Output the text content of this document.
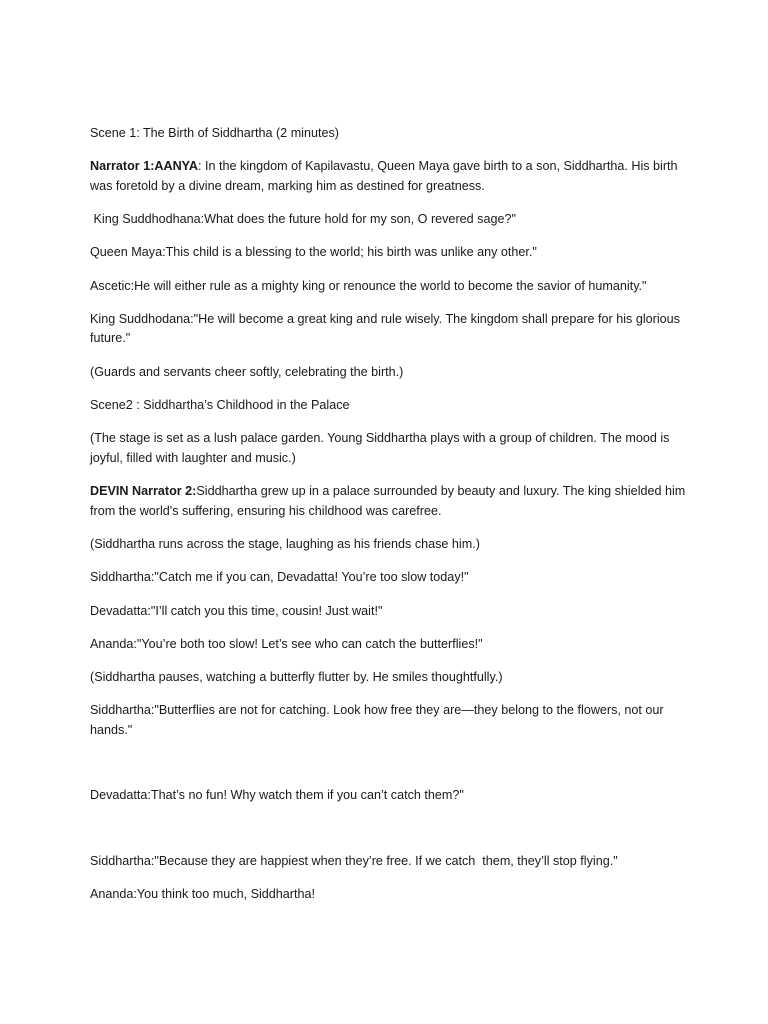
Scene 1: The Birth of Siddhartha (2 minutes)

Narrator 1:AANYA: In the kingdom of Kapilavastu, Queen Maya gave birth to a son, Siddhartha. His birth was foretold by a divine dream, marking him as destined for greatness.

King Suddhodhana:What does the future hold for my son, O revered sage?"

Queen Maya:This child is a blessing to the world; his birth was unlike any other."

Ascetic:He will either rule as a mighty king or renounce the world to become the savior of humanity."

King Suddhodana:"He will become a great king and rule wisely. The kingdom shall prepare for his glorious future."

(Guards and servants cheer softly, celebrating the birth.)

Scene2 : Siddhartha’s Childhood in the Palace

(The stage is set as a lush palace garden. Young Siddhartha plays with a group of children. The mood is joyful, filled with laughter and music.)

DEVIN Narrator 2:Siddhartha grew up in a palace surrounded by beauty and luxury. The king shielded him from the world's suffering, ensuring his childhood was carefree.

(Siddhartha runs across the stage, laughing as his friends chase him.)

Siddhartha:"Catch me if you can, Devadatta! You’re too slow today!"

Devadatta:"I’ll catch you this time, cousin! Just wait!"

Ananda:"You’re both too slow! Let’s see who can catch the butterflies!"

(Siddhartha pauses, watching a butterfly flutter by. He smiles thoughtfully.)

Siddhartha:"Butterflies are not for catching. Look how free they are—they belong to the flowers, not our hands."

Devadatta:That’s no fun! Why watch them if you can’t catch them?"

Siddhartha:"Because they are happiest when they’re free. If we catch  them, they’ll stop flying."

Ananda:You think too much, Siddhartha!
